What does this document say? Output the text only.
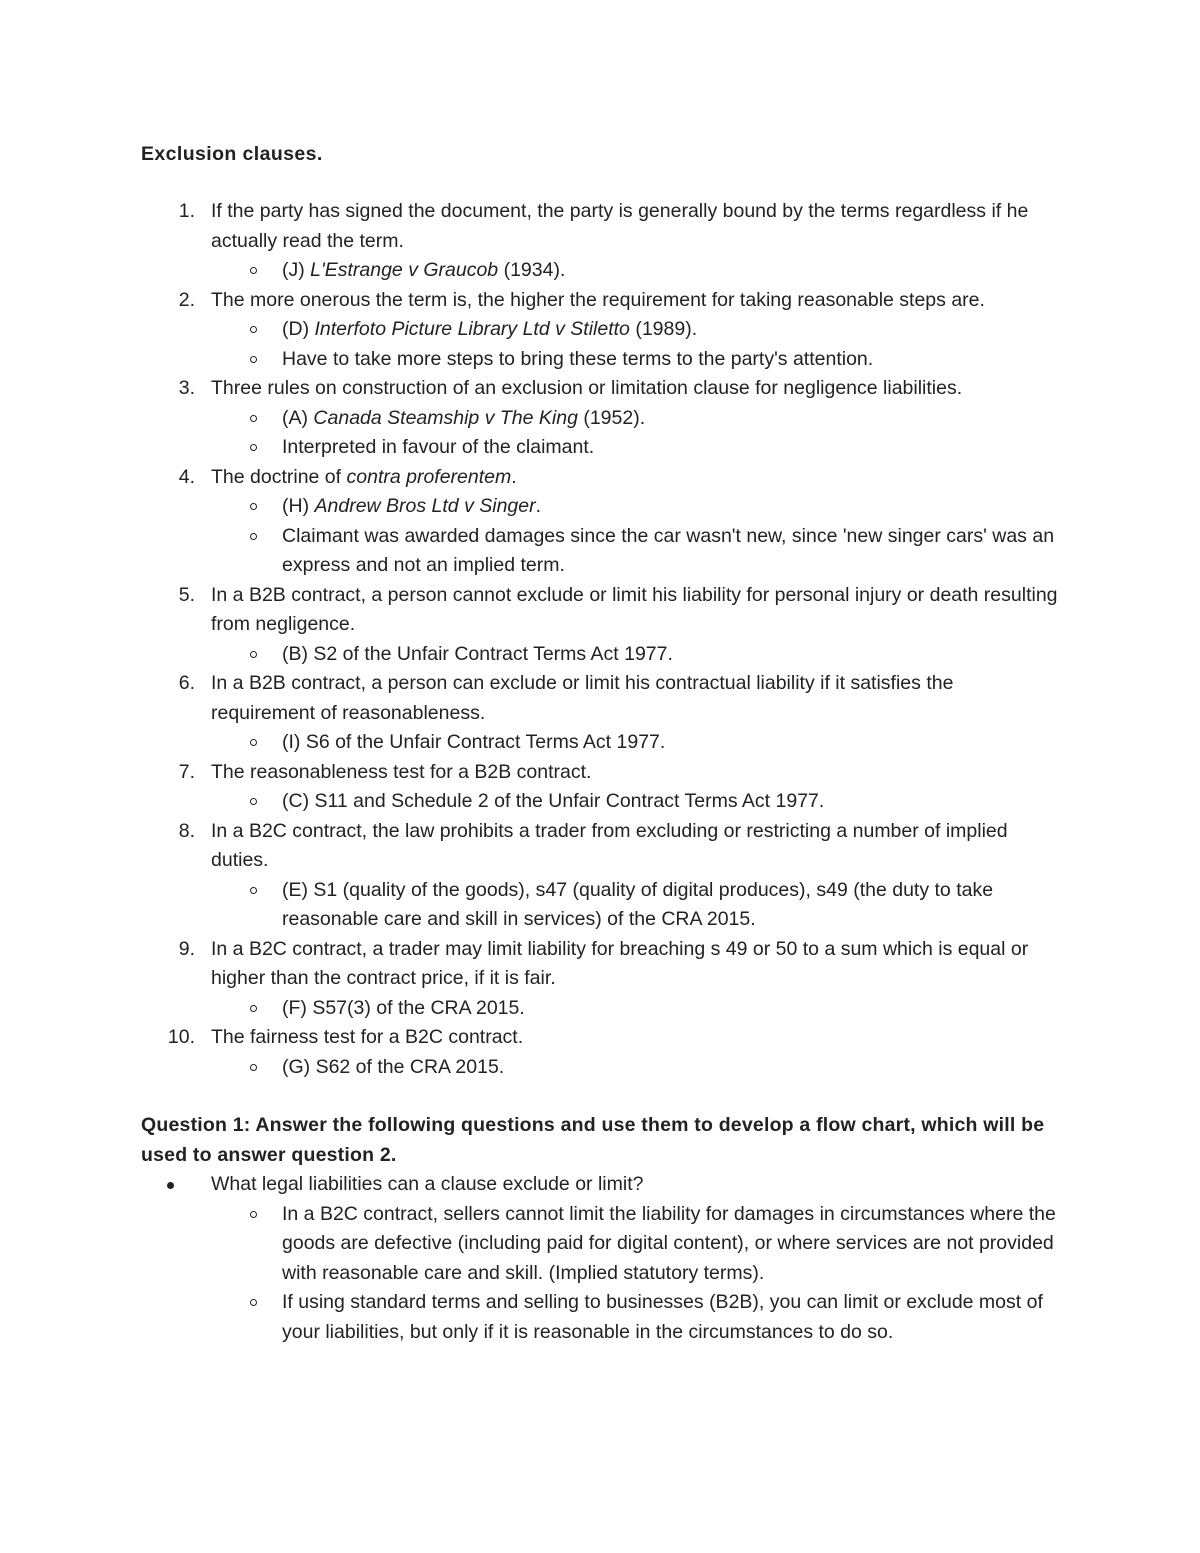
Exclusion clauses.
1. If the party has signed the document, the party is generally bound by the terms regardless if he actually read the term.
(J) L'Estrange v Graucob (1934).
2. The more onerous the term is, the higher the requirement for taking reasonable steps are.
(D) Interfoto Picture Library Ltd v Stiletto (1989).
Have to take more steps to bring these terms to the party's attention.
3. Three rules on construction of an exclusion or limitation clause for negligence liabilities.
(A) Canada Steamship v The King (1952).
Interpreted in favour of the claimant.
4. The doctrine of contra proferentem.
(H) Andrew Bros Ltd v Singer.
Claimant was awarded damages since the car wasn't new, since 'new singer cars' was an express and not an implied term.
5. In a B2B contract, a person cannot exclude or limit his liability for personal injury or death resulting from negligence.
(B) S2 of the Unfair Contract Terms Act 1977.
6. In a B2B contract, a person can exclude or limit his contractual liability if it satisfies the requirement of reasonableness.
(I) S6 of the Unfair Contract Terms Act 1977.
7. The reasonableness test for a B2B contract.
(C) S11 and Schedule 2 of the Unfair Contract Terms Act 1977.
8. In a B2C contract, the law prohibits a trader from excluding or restricting a number of implied duties.
(E) S1 (quality of the goods), s47 (quality of digital produces), s49 (the duty to take reasonable care and skill in services) of the CRA 2015.
9. In a B2C contract, a trader may limit liability for breaching s 49 or 50 to a sum which is equal or higher than the contract price, if it is fair.
(F) S57(3) of the CRA 2015.
10. The fairness test for a B2C contract.
(G) S62 of the CRA 2015.
Question 1: Answer the following questions and use them to develop a flow chart, which will be used to answer question 2.
What legal liabilities can a clause exclude or limit?
In a B2C contract, sellers cannot limit the liability for damages in circumstances where the goods are defective (including paid for digital content), or where services are not provided with reasonable care and skill. (Implied statutory terms).
If using standard terms and selling to businesses (B2B), you can limit or exclude most of your liabilities, but only if it is reasonable in the circumstances to do so.
